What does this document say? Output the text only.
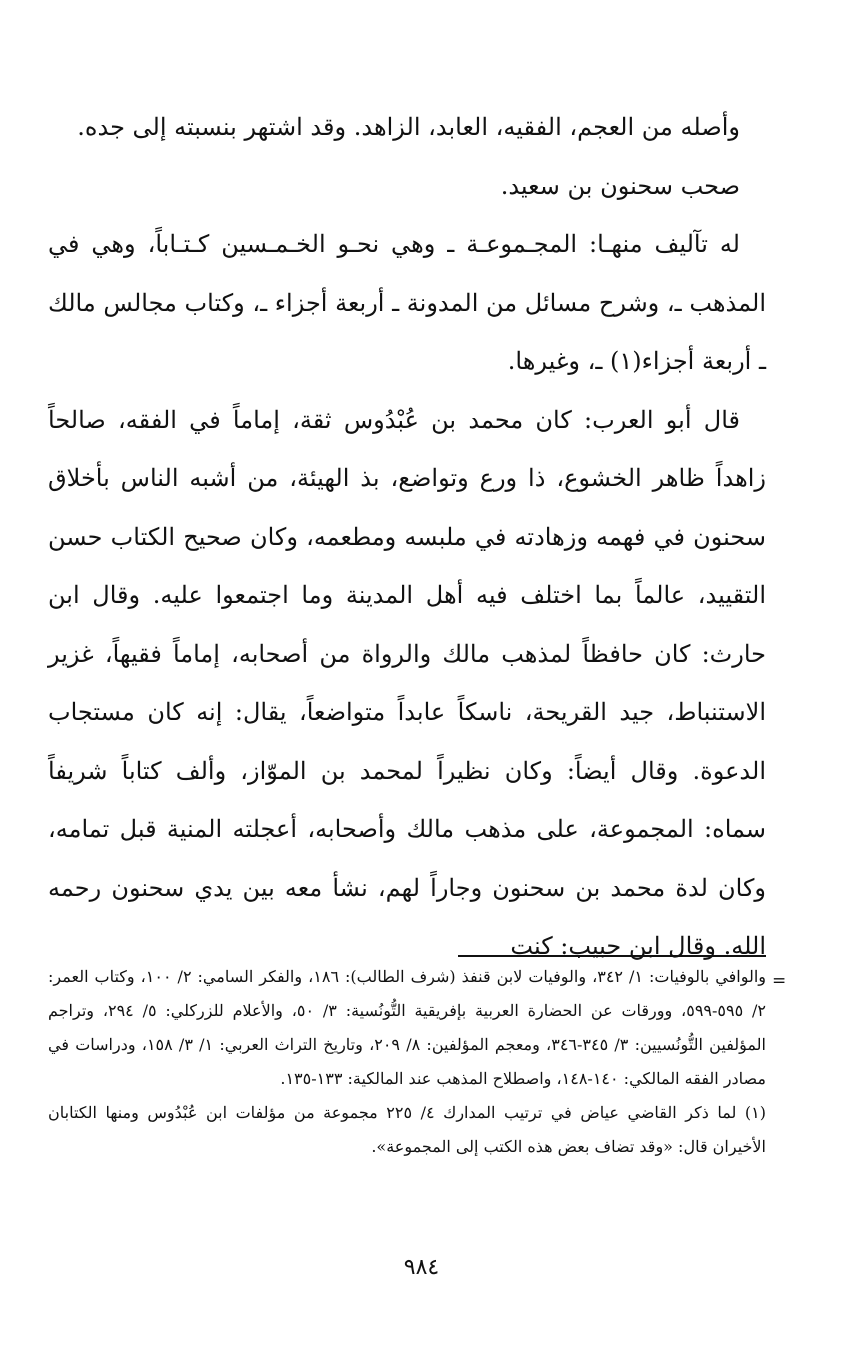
وأصله من العجم، الفقيه، العابد، الزاهد. وقد اشتهر بنسبته إلى جده.

صحب سحنون بن سعيد.

له تآليف منهـا: المجـموعـة ـ وهي نحـو الخـمـسين كـتـاباً، وهي في المذهب ـ، وشرح مسائل من المدونة ـ أربعة أجزاء ـ، وكتاب مجالس مالك ـ أربعة أجزاء(١) ـ، وغيرها.

قال أبو العرب: كان محمد بن عُبْدُوس ثقة، إماماً في الفقه، صالحاً زاهداً ظاهر الخشوع، ذا ورع وتواضع، بذ الهيئة، من أشبه الناس بأخلاق سحنون في فهمه وزهادته في ملبسه ومطعمه، وكان صحيح الكتاب حسن التقييد، عالماً بما اختلف فيه أهل المدينة وما اجتمعوا عليه. وقال ابن حارث: كان حافظاً لمذهب مالك والرواة من أصحابه، إماماً فقيهاً، غزير الاستنباط، جيد القريحة، ناسكاً عابداً متواضعاً، يقال: إنه كان مستجاب الدعوة. وقال أيضاً: وكان نظيراً لمحمد بن الموّاز، وألف كتاباً شريفاً سماه: المجموعة، على مذهب مالك وأصحابه، أعجلته المنية قبل تمامه، وكان لدة محمد بن سحنون وجاراً لهم، نشأ معه بين يدي سحنون رحمه الله. وقال ابن حبيب: كنت

=

والوافي بالوفيات: ١/ ٣٤٢، والوفيات لابن قنفذ (شرف الطالب): ١٨٦، والفكر السامي: ٢/ ١٠٠، وكتاب العمر: ٢/ ٥٩٥-٥٩٩، وورقات عن الحضارة العربية بإفريقية التُّونُسية: ٣/ ٥٠، والأعلام للزركلي: ٥/ ٢٩٤، وتراجم المؤلفين التُّونُسيين: ٣/ ٣٤٥-٣٤٦، ومعجم المؤلفين: ٨/ ٢٠٩، وتاريخ التراث العربي: ١/ ٣/ ١٥٨، ودراسات في مصادر الفقه المالكي: ١٤٠-١٤٨، واصطلاح المذهب عند المالكية: ١٣٣-١٣٥.

(١) لما ذكر القاضي عياض في ترتيب المدارك ٤/ ٢٢٥ مجموعة من مؤلفات ابن عُبْدُوس ومنها الكتابان الأخيران قال: «وقد تضاف بعض هذه الكتب إلى المجموعة».

٩٨٤
